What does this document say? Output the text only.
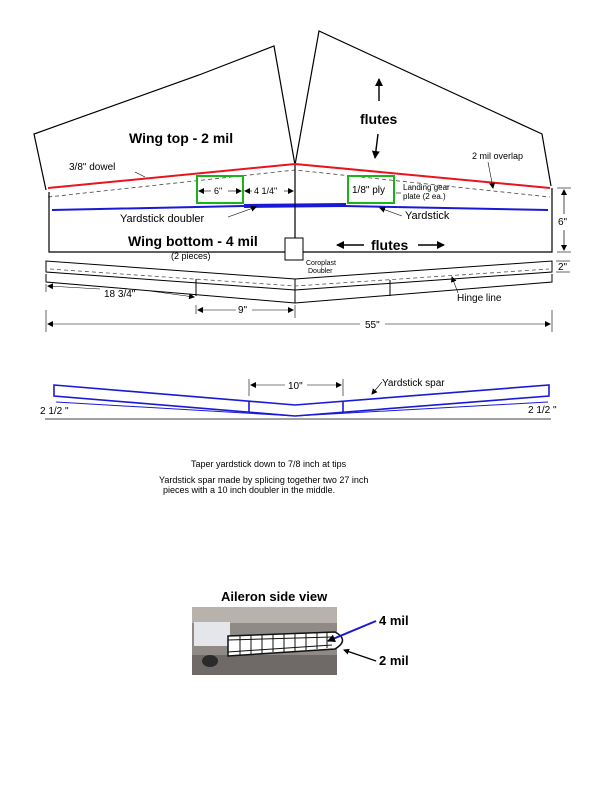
Wing top - 2 mil
flutes
3/8" dowel
2 mil overlap
6"	4 1/4"	1/8" ply Landing gear
plate (2 ea.)
Yardstick doubler	Yardstick
6"
Wing bottom - 4 mil
(2 pieces)
Coroplast
Doubler
flutes
2"
18 3/4"	Hinge line
9"
55"
10"	Yardstick spar
2 1/2 "	2 1/2 "
Taper yardstick down to 7/8 inch at tips
Yardstick spar made by splicing together two 27 inch
pieces with a 10 inch doubler in the middle.
Aileron side view
4 mil
2 mil
